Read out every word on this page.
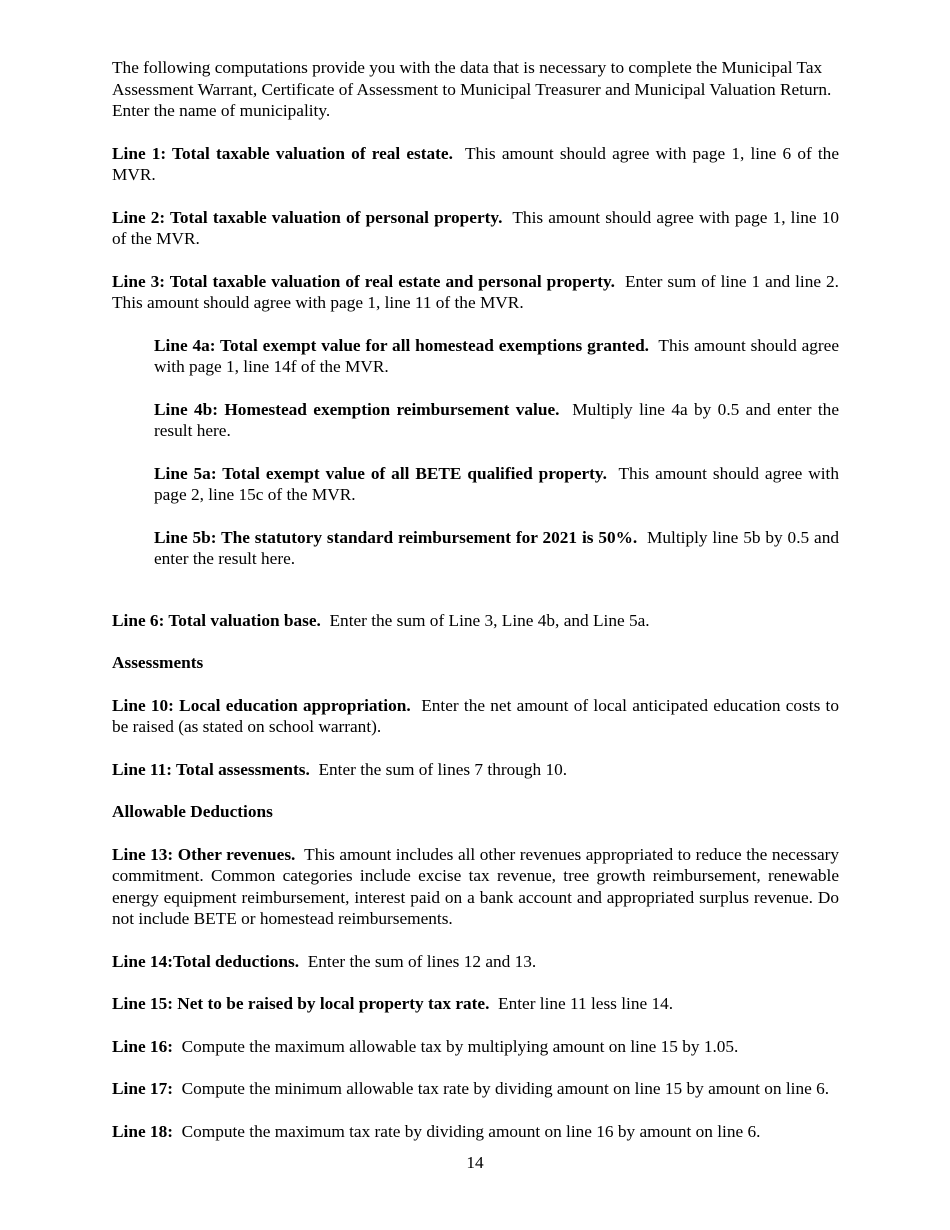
The following computations provide you with the data that is necessary to complete the Municipal Tax Assessment Warrant, Certificate of Assessment to Municipal Treasurer and Municipal Valuation Return.

Enter the name of municipality.

Line 1: Total taxable valuation of real estate. This amount should agree with page 1, line 6 of the MVR.

Line 2: Total taxable valuation of personal property. This amount should agree with page 1, line 10 of the MVR.

Line 3: Total taxable valuation of real estate and personal property. Enter sum of line 1 and line 2. This amount should agree with page 1, line 11 of the MVR.

Line 4a: Total exempt value for all homestead exemptions granted. This amount should agree with page 1, line 14f of the MVR.

Line 4b: Homestead exemption reimbursement value. Multiply line 4a by 0.5 and enter the result here.

Line 5a: Total exempt value of all BETE qualified property. This amount should agree with page 2, line 15c of the MVR.

Line 5b: The statutory standard reimbursement for 2021 is 50%. Multiply line 5b by 0.5 and enter the result here.

Line 6: Total valuation base. Enter the sum of Line 3, Line 4b, and Line 5a.

Assessments

Line 10: Local education appropriation. Enter the net amount of local anticipated education costs to be raised (as stated on school warrant).

Line 11: Total assessments. Enter the sum of lines 7 through 10.

Allowable Deductions

Line 13: Other revenues. This amount includes all other revenues appropriated to reduce the necessary commitment. Common categories include excise tax revenue, tree growth reimbursement, renewable energy equipment reimbursement, interest paid on a bank account and appropriated surplus revenue. Do not include BETE or homestead reimbursements.

Line 14:Total deductions. Enter the sum of lines 12 and 13.

Line 15: Net to be raised by local property tax rate. Enter line 11 less line 14.

Line 16: Compute the maximum allowable tax by multiplying amount on line 15 by 1.05.

Line 17: Compute the minimum allowable tax rate by dividing amount on line 15 by amount on line 6.

Line 18: Compute the maximum tax rate by dividing amount on line 16 by amount on line 6.

14
